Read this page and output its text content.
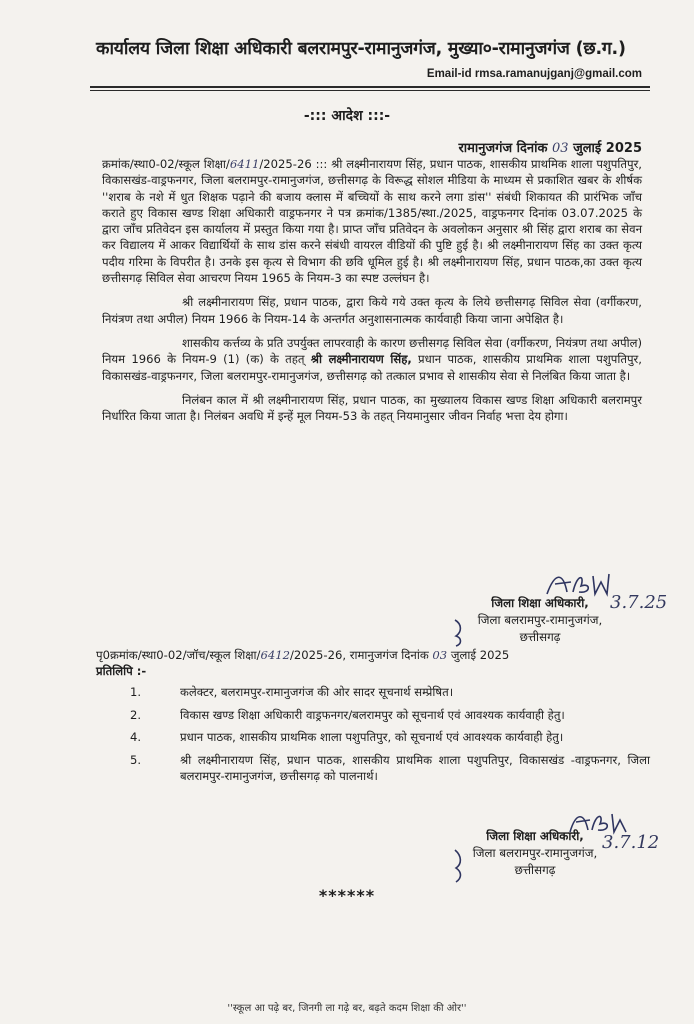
कार्यालय जिला शिक्षा अधिकारी बलरामपुर-रामानुजगंज, मुख्या०-रामानुजगंज (छ.ग.)
Email-id rmsa.ramanujganj@gmail.com
-::: आदेश :::-
रामानुजगंज दिनांक 03 जुलाई 2025

क्रमांक/स्था0-02/स्कूल शिक्षा/6411/2025-26 ::: श्री लक्ष्मीनारायण सिंह, प्रधान पाठक, शासकीय प्राथमिक शाला पशुपतिपुर, विकासखंड-वाड्रफनगर, जिला बलरामपुर-रामानुजगंज, छत्तीसगढ़ के विरूद्ध सोशल मीडिया के माध्यम से प्रकाशित खबर के शीर्षक ''शराब के नशे में धुत शिक्षक पढ़ाने की बजाय क्लास में बच्चियों के साथ करने लगा डांस'' संबंधी शिकायत की प्रारंभिक जाँच कराते हुए विकास खण्ड शिक्षा अधिकारी वाड्रफनगर ने पत्र क्रमांक/1385/स्था./2025, वाड्रफनगर दिनांक 03.07.2025 के द्वारा जाँच प्रतिवेदन इस कार्यालय में प्रस्तुत किया गया है। प्राप्त जाँच प्रतिवेदन के अवलोकन अनुसार श्री सिंह द्वारा शराब का सेवन कर विद्यालय में आकर विद्यार्थियों के साथ डांस करने संबंधी वायरल वीडियों की पुष्टि हुई है। श्री लक्ष्मीनारायण सिंह का उक्त कृत्य पदीय गरिमा के विपरीत है। उनके इस कृत्य से विभाग की छवि धूमिल हुई है। श्री लक्ष्मीनारायण सिंह, प्रधान पाठक,का उक्त कृत्य छत्तीसगढ़ सिविल सेवा आचरण नियम 1965 के नियम-3 का स्पष्ट उल्लंघन है।

श्री लक्ष्मीनारायण सिंह, प्रधान पाठक, द्वारा किये गये उक्त कृत्य के लिये छत्तीसगढ़ सिविल सेवा (वर्गीकरण, नियंत्रण तथा अपील) नियम 1966 के नियम-14 के अन्तर्गत अनुशासनात्मक कार्यवाही किया जाना अपेक्षित है।

शासकीय कर्त्तव्य के प्रति उपर्युक्त लापरवाही के कारण छत्तीसगढ़ सिविल सेवा (वर्गीकरण, नियंत्रण तथा अपील) नियम 1966 के नियम-9 (1) (क) के तहत् श्री लक्ष्मीनारायण सिंह, प्रधान पाठक, शासकीय प्राथमिक शाला पशुपतिपुर, विकासखंड-वाड्रफनगर, जिला बलरामपुर-रामानुजगंज, छत्तीसगढ़ को तत्काल प्रभाव से शासकीय सेवा से निलंबित किया जाता है।

निलंबन काल में श्री लक्ष्मीनारायण सिंह, प्रधान पाठक, का मुख्यालय विकास खण्ड शिक्षा अधिकारी बलरामपुर निर्धारित किया जाता है। निलंबन अवधि में इन्हें मूल नियम-53 के तहत् नियमानुसार जीवन निर्वाह भत्ता देय होगा।

3.7.25
जिला शिक्षा अधिकारी,
जिला बलरामपुर-रामानुजगंज,
छत्तीसगढ़
पृ0क्रमांक/स्था0-02/जॉच/स्कूल शिक्षा/6412/2025-26, रामानुजगंज दिनांक 03 जुलाई 2025
प्रतिलिपि :-
1.	कलेक्टर, बलरामपुर-रामानुजगंज की ओर सादर सूचनार्थ सम्प्रेषित।
2.	विकास खण्ड शिक्षा अधिकारी वाड्रफनगर/बलरामपुर को सूचनार्थ एवं आवश्यक कार्यवाही हेतु।
4.	प्रधान पाठक, शासकीय प्राथमिक शाला पशुपतिपुर, को सूचनार्थ एवं आवश्यक कार्यवाही हेतु।
5.	श्री लक्ष्मीनारायण सिंह, प्रधान पाठक, शासकीय प्राथमिक शाला पशुपतिपुर, विकासखंड -वाड्रफनगर, जिला बलरामपुर-रामानुजगंज, छत्तीसगढ़ को पालनार्थ।
3.7.12
जिला शिक्षा अधिकारी,
जिला बलरामपुर-रामानुजगंज,
छत्तीसगढ़
******
''स्कूल आ पढ़े बर, जिनगी ला गढ़े बर, बढ़ते कदम शिक्षा की ओर''
